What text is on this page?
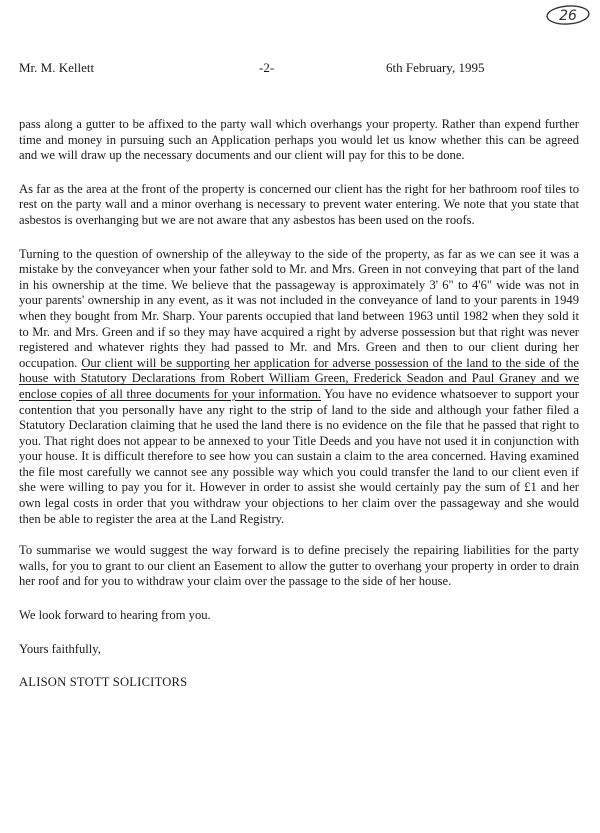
26
Mr. M. Kellett	-2-	6th February, 1995

pass along a gutter to be affixed to the party wall which overhangs your property. Rather than expend further time and money in pursuing such an Application perhaps you would let us know whether this can be agreed and we will draw up the necessary documents and our client will pay for this to be done.

As far as the area at the front of the property is concerned our client has the right for her bathroom roof tiles to rest on the party wall and a minor overhang is necessary to prevent water entering. We note that you state that asbestos is overhanging but we are not aware that any asbestos has been used on the roofs.

Turning to the question of ownership of the alleyway to the side of the property, as far as we can see it was a mistake by the conveyancer when your father sold to Mr. and Mrs. Green in not conveying that part of the land in his ownership at the time. We believe that the passageway is approximately 3' 6" to 4'6" wide was not in your parents' ownership in any event, as it was not included in the conveyance of land to your parents in 1949 when they bought from Mr. Sharp. Your parents occupied that land between 1963 until 1982 when they sold it to Mr. and Mrs. Green and if so they may have acquired a right by adverse possession but that right was never registered and whatever rights they had passed to Mr. and Mrs. Green and then to our client during her occupation. Our client will be supporting her application for adverse possession of the land to the side of the house with Statutory Declarations from Robert William Green, Frederick Seadon and Paul Graney and we enclose copies of all three documents for your information. You have no evidence whatsoever to support your contention that you personally have any right to the strip of land to the side and although your father filed a Statutory Declaration claiming that he used the land there is no evidence on the file that he passed that right to you. That right does not appear to be annexed to your Title Deeds and you have not used it in conjunction with your house. It is difficult therefore to see how you can sustain a claim to the area concerned. Having examined the file most carefully we cannot see any possible way which you could transfer the land to our client even if she were willing to pay you for it. However in order to assist she would certainly pay the sum of £1 and her own legal costs in order that you withdraw your objections to her claim over the passageway and she would then be able to register the area at the Land Registry.

To summarise we would suggest the way forward is to define precisely the repairing liabilities for the party walls, for you to grant to our client an Easement to allow the gutter to overhang your property in order to drain her roof and for you to withdraw your claim over the passage to the side of her house.

We look forward to hearing from you.

Yours faithfully,

ALISON STOTT SOLICITORS
